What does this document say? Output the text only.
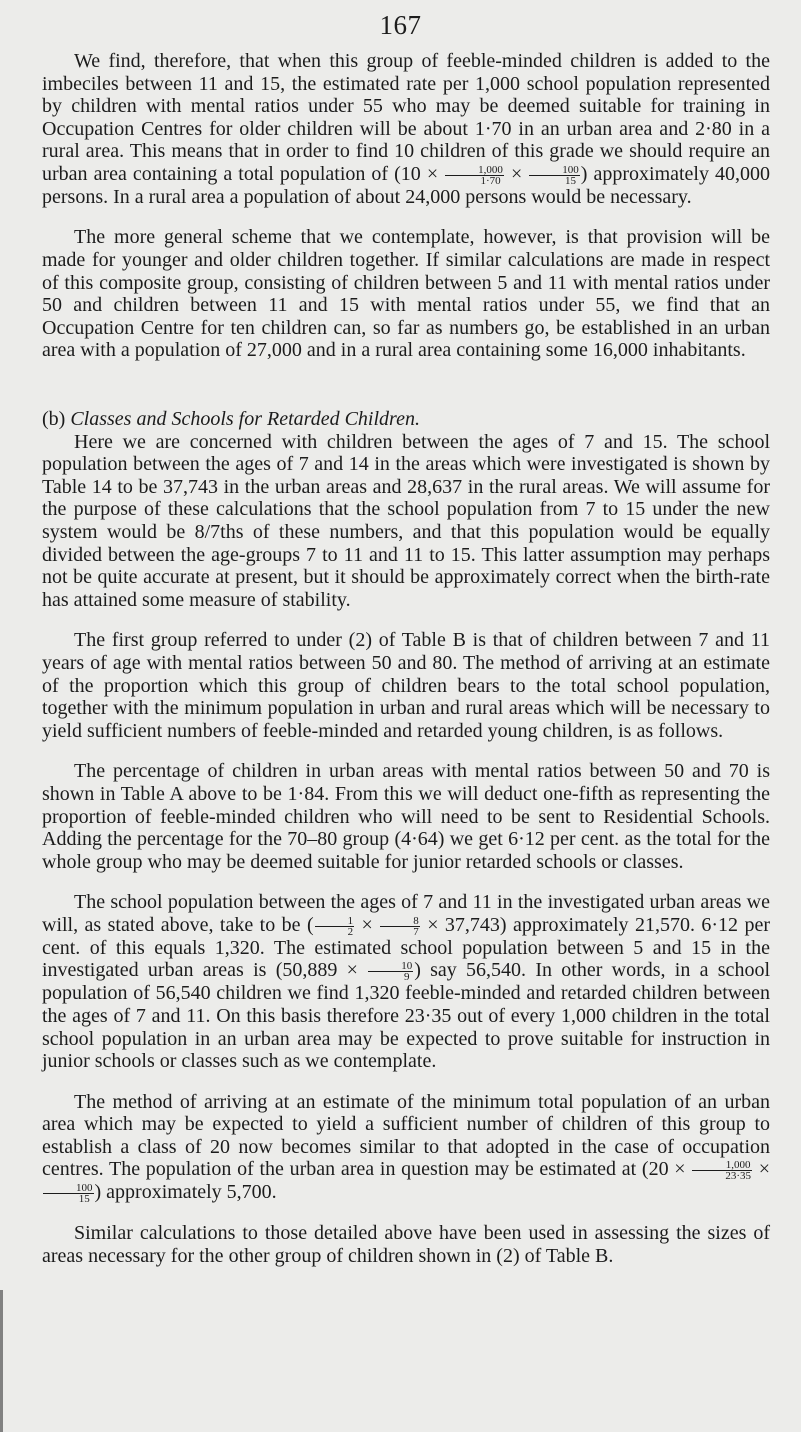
167

We find, therefore, that when this group of feeble-minded children is added to the imbeciles between 11 and 15, the estimated rate per 1,000 school population represented by children with mental ratios under 55 who may be deemed suitable for training in Occupation Centres for older children will be about 1·70 in an urban area and 2·80 in a rural area. This means that in order to find 10 children of this grade we should require an urban area containing a total population of ($10 \times \frac{1,000}{1\cdot 70} \times \frac{100}{15}$ ) approximately 40,000 persons. In a rural area a population of about 24,000 persons would be necessary.

The more general scheme that we contemplate, however, is that provision will be made for younger and older children together. If similar calculations are made in respect of this composite group, consisting of children between 5 and 11 with mental ratios under 50 and children between 11 and 15 with mental ratios under 55, we find that an Occupation Centre for ten children can, so far as numbers go, be established in an urban area with a population of 27,000 and in a rural area containing some 16,000 inhabitants.

(b) Classes and Schools for Retarded Children.

Here we are concerned with children between the ages of 7 and 15. The school population between the ages of 7 and 14 in the areas which were investigated is shown by Table 14 to be 37,743 in the urban areas and 28,637 in the rural areas. We will assume for the purpose of these calculations that the school population from 7 to 15 under the new system would be 8/7ths of these numbers, and that this population would be equally divided between the age-groups 7 to 11 and 11 to 15. This latter assumption may perhaps not be quite accurate at present, but it should be approximately correct when the birth-rate has attained some measure of stability.

The first group referred to under (2) of Table B is that of children between 7 and 11 years of age with mental ratios between 50 and 80. The method of arriving at an estimate of the proportion which this group of children bears to the total school population, together with the minimum population in urban and rural areas which will be necessary to yield sufficient numbers of feeble-minded and retarded young children, is as follows.

The percentage of children in urban areas with mental ratios between 50 and 70 is shown in Table A above to be 1·84. From this we will deduct one-fifth as representing the proportion of feeble-minded children who will need to be sent to Residential Schools. Adding the percentage for the 70–80 group (4·64) we get 6·12 per cent. as the total for the whole group who may be deemed suitable for junior retarded schools or classes.

The school population between the ages of 7 and 11 in the investigated urban areas we will, as stated above, take to be ( $\frac{1}{2} \times \frac{8}{7} \times 37,743$) approximately 21,570. 6·12 per cent. of this equals 1,320. The estimated school population between 5 and 15 in the investigated urban areas is ($50,889 \times \frac{10}{9}$ ) say 56,540. In other words, in a school population of 56,540 children we find 1,320 feeble-minded and retarded children between the ages of 7 and 11. On this basis therefore 23·35 out of every 1,000 children in the total school population in an urban area may be expected to prove suitable for instruction in junior schools or classes such as we contemplate.

The method of arriving at an estimate of the minimum total population of an urban area which may be expected to yield a sufficient number of children of this group to establish a class of 20 now becomes similar to that adopted in the case of occupation centres. The population of the urban area in question may be estimated at ($20 \times \frac{1,000}{23\cdot 35}$ ×
$\frac{100}{15}$ ) approximately 5,700.

Similar calculations to those detailed above have been used in assessing the sizes of areas necessary for the other group of children shown in (2) of Table B.
